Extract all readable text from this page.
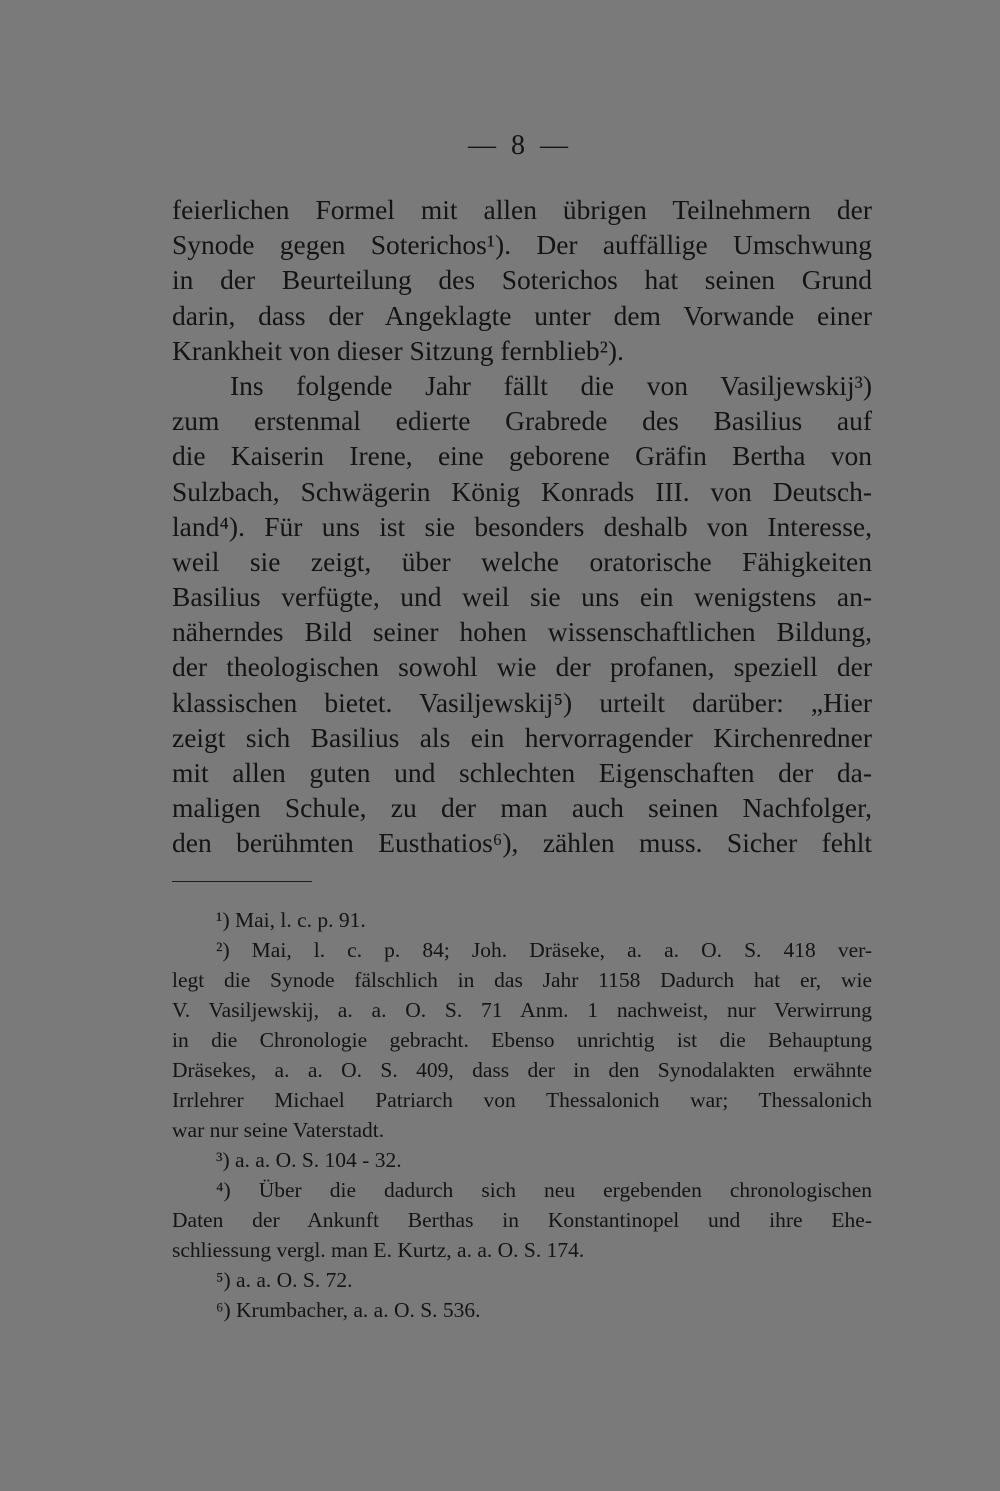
— 8 —
feierlichen Formel mit allen übrigen Teilnehmern der
Synode gegen Soterichos¹). Der auffällige Umschwung
in der Beurteilung des Soterichos hat seinen Grund
darin, dass der Angeklagte unter dem Vorwande einer
Krankheit von dieser Sitzung fernblieb²).
Ins folgende Jahr fällt die von Vasiljewskij³)
zum erstenmal edierte Grabrede des Basilius auf
die Kaiserin Irene, eine geborene Gräfin Bertha von
Sulzbach, Schwägerin König Konrads III. von Deutsch-
land⁴). Für uns ist sie besonders deshalb von Interesse,
weil sie zeigt, über welche oratorische Fähigkeiten
Basilius verfügte, und weil sie uns ein wenigstens an-
näherndes Bild seiner hohen wissenschaftlichen Bildung,
der theologischen sowohl wie der profanen, speziell der
klassischen bietet. Vasiljewskij⁵) urteilt darüber: „Hier
zeigt sich Basilius als ein hervorragender Kirchenredner
mit allen guten und schlechten Eigenschaften der da-
maligen Schule, zu der man auch seinen Nachfolger,
den berühmten Eusthatios⁶), zählen muss. Sicher fehlt
¹) Mai, l. c. p. 91.
²) Mai, l. c. p. 84; Joh. Dräseke, a. a. O. S. 418 ver-
legt die Synode fälschlich in das Jahr 1158 Dadurch hat er, wie
V. Vasiljewskij, a. a. O. S. 71 Anm. 1 nachweist, nur Verwirrung
in die Chronologie gebracht. Ebenso unrichtig ist die Behauptung
Dräsekes, a. a. O. S. 409, dass der in den Synodalakten erwähnte
Irrlehrer Michael Patriarch von Thessalonich war; Thessalonich
war nur seine Vaterstadt.
³) a. a. O. S. 104 - 32.
⁴) Über die dadurch sich neu ergebenden chronologischen
Daten der Ankunft Berthas in Konstantinopel und ihre Ehe-
schliessung vergl. man E. Kurtz, a. a. O. S. 174.
⁵) a. a. O. S. 72.
⁶) Krumbacher, a. a. O. S. 536.
